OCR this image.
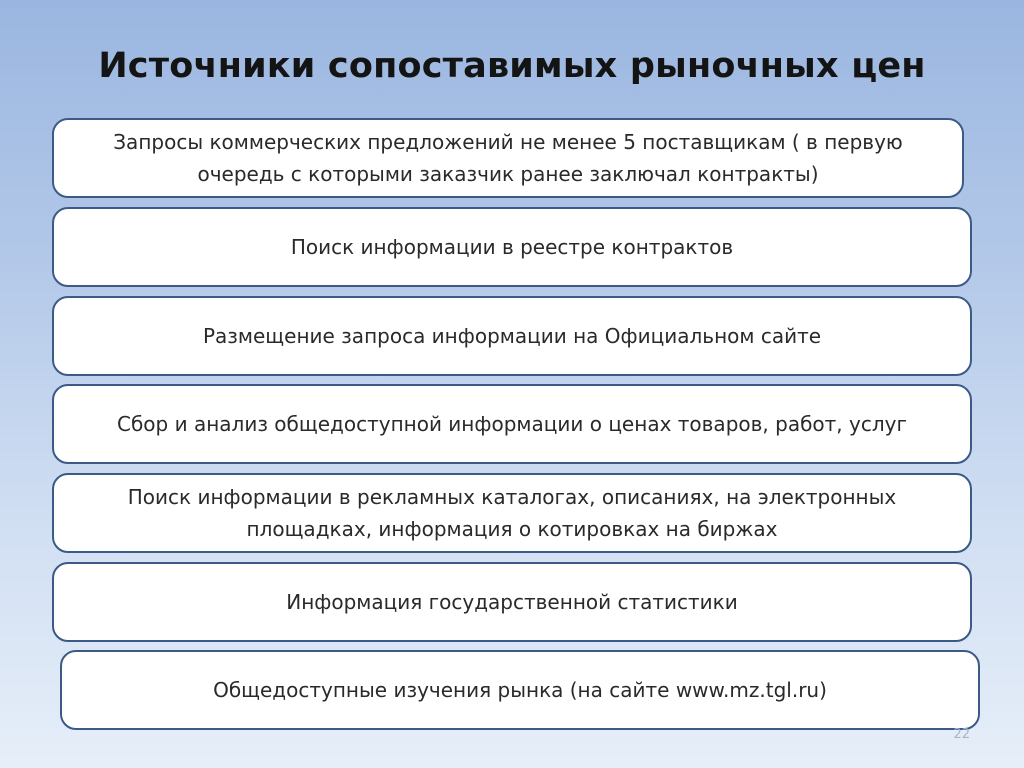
Источники сопоставимых рыночных цен
Запросы коммерческих предложений не менее 5 поставщикам ( в первую очередь с которыми заказчик ранее заключал контракты)
Поиск информации в реестре контрактов
Размещение запроса информации на Официальном сайте
Сбор и анализ общедоступной информации о ценах товаров, работ, услуг
Поиск информации в рекламных каталогах, описаниях, на электронных площадках, информация о котировках на биржах
Информация государственной статистики
Общедоступные изучения рынка (на сайте www.mz.tgl.ru)
22
